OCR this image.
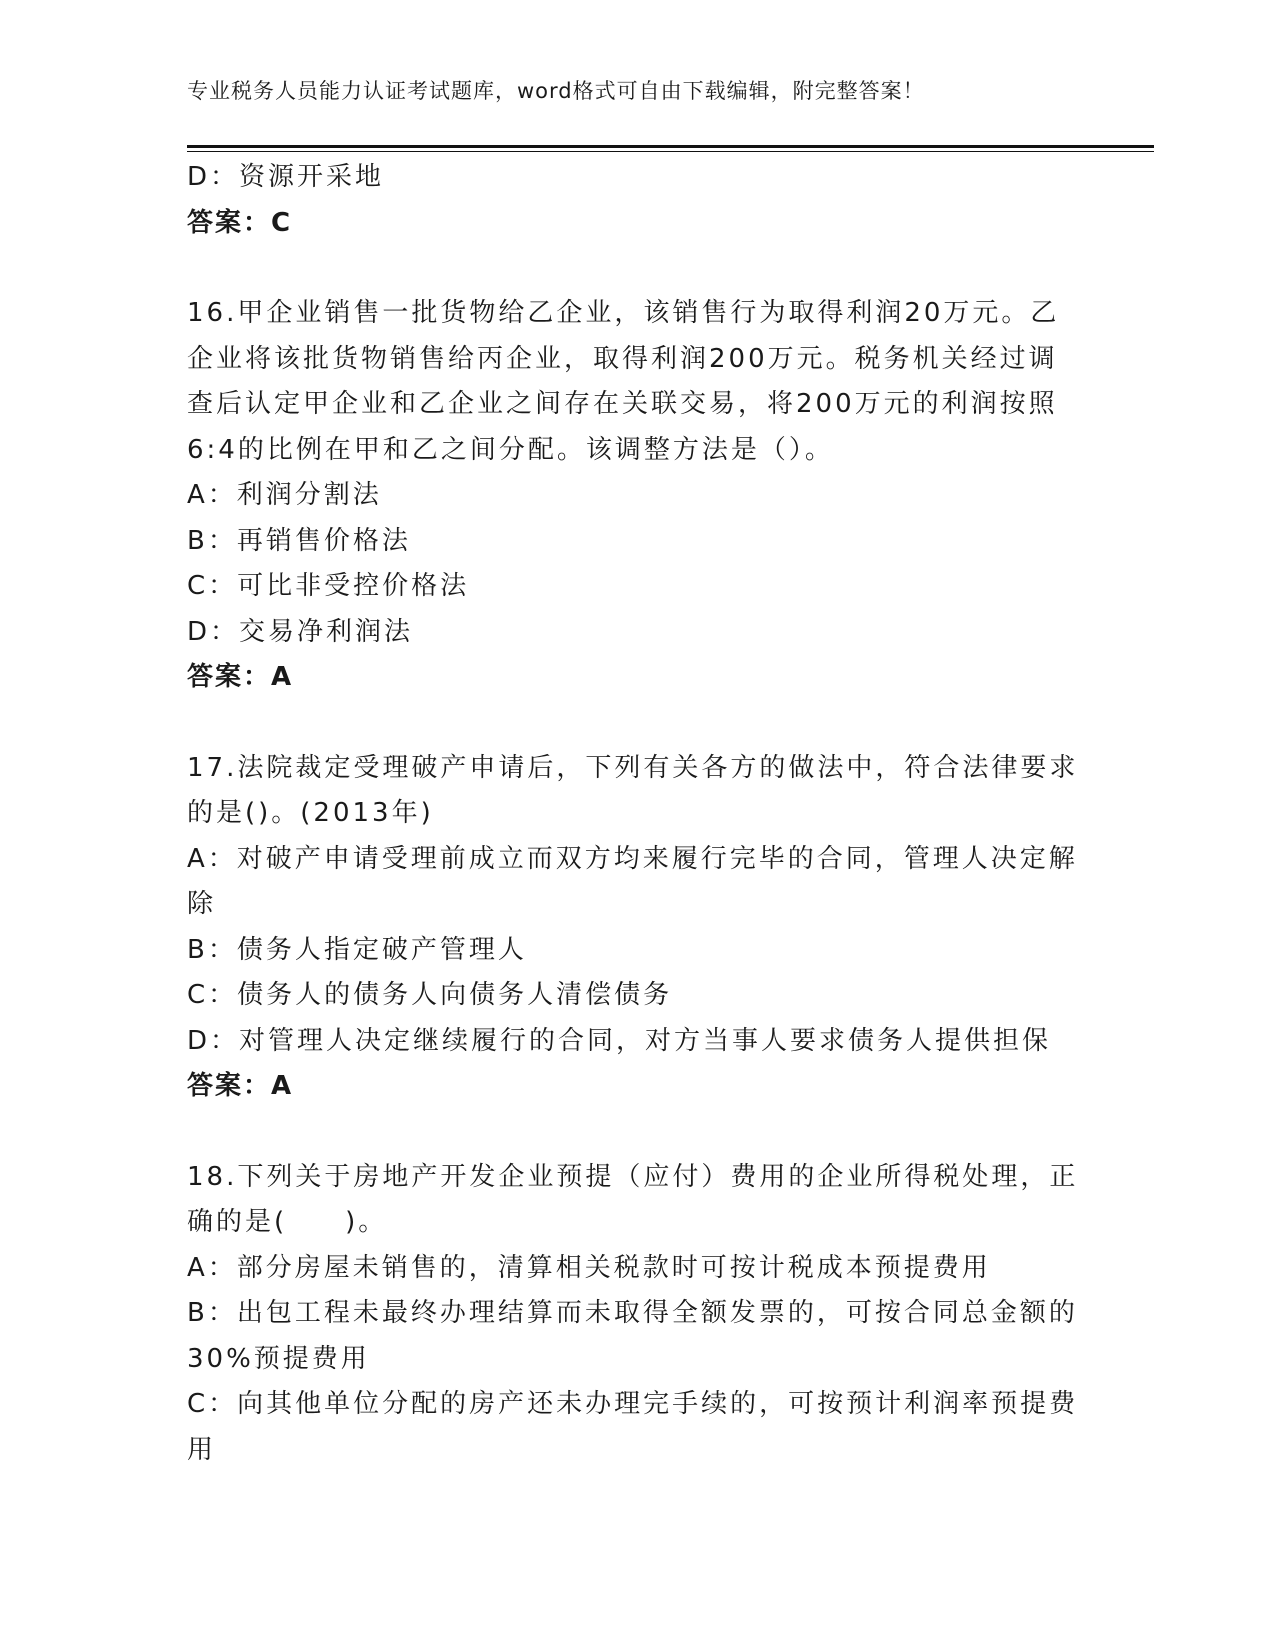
专业税务人员能力认证考试题库，word格式可自由下载编辑，附完整答案！
D：资源开采地
答案：C
16.甲企业销售一批货物给乙企业，该销售行为取得利润20万元。乙
企业将该批货物销售给丙企业，取得利润200万元。税务机关经过调
查后认定甲企业和乙企业之间存在关联交易，将200万元的利润按照
6:4的比例在甲和乙之间分配。该调整方法是（）。
A：利润分割法
B：再销售价格法
C：可比非受控价格法
D：交易净利润法
答案：A
17.法院裁定受理破产申请后，下列有关各方的做法中，符合法律要求
的是()。(2013年)
A：对破产申请受理前成立而双方均来履行完毕的合同，管理人决定解
除
B：债务人指定破产管理人
C：债务人的债务人向债务人清偿债务
D：对管理人决定继续履行的合同，对方当事人要求债务人提供担保
答案：A
18.下列关于房地产开发企业预提（应付）费用的企业所得税处理，正
确的是(　　)。
A：部分房屋未销售的，清算相关税款时可按计税成本预提费用
B：出包工程未最终办理结算而未取得全额发票的，可按合同总金额的
30%预提费用
C：向其他单位分配的房产还未办理完手续的，可按预计利润率预提费
用
